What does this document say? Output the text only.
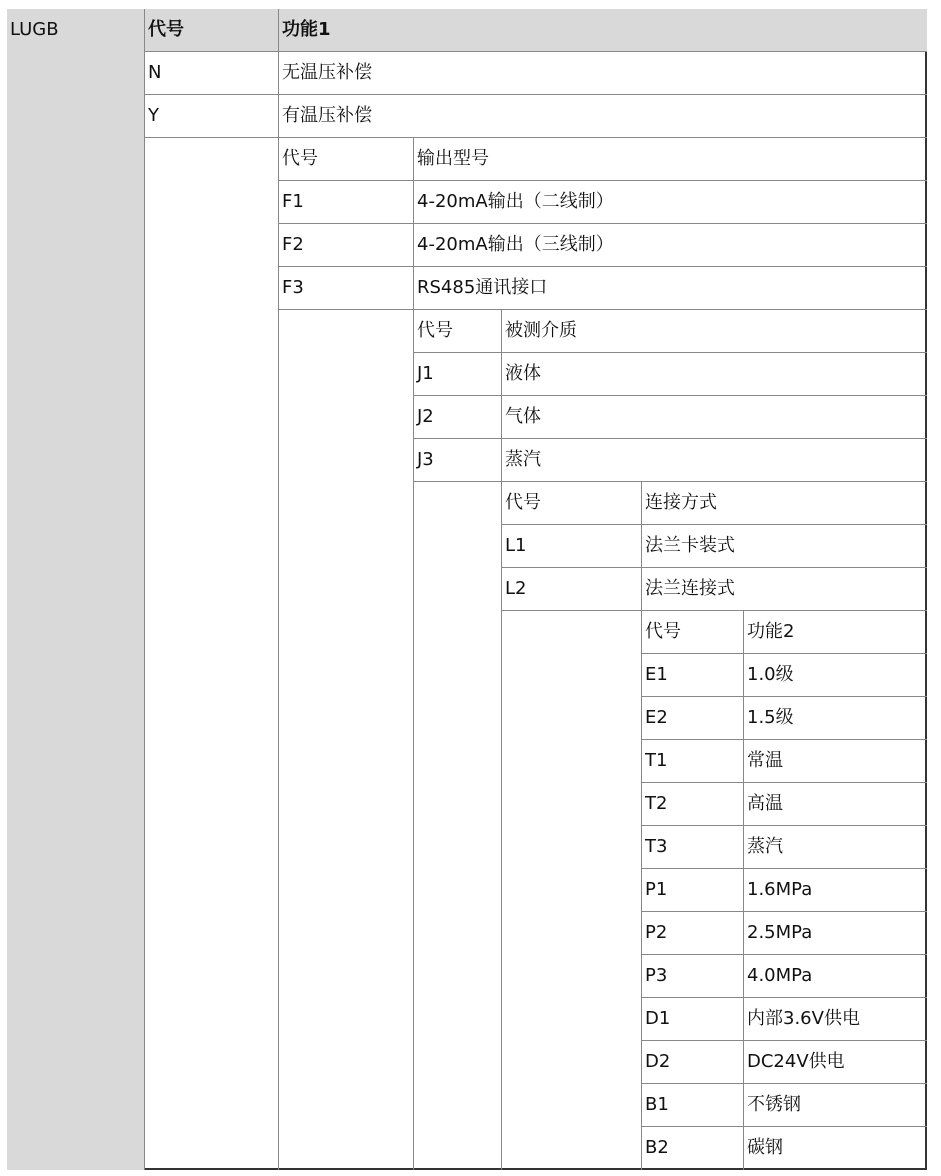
LUGB	代号	功能1
N	无温压补偿
Y	有温压补偿
代号	输出型号
F1	4-20mA输出（二线制）
F2	4-20mA输出（三线制）
F3	RS485通讯接口
代号	被测介质
J1	液体
J2	气体
J3	蒸汽
代号	连接方式
L1	法兰卡装式
L2	法兰连接式
代号	功能2
E1	1.0级
E2	1.5级
T1	常温
T2	高温
T3	蒸汽
P1	1.6MPa
P2	2.5MPa
P3	4.0MPa
D1	内部3.6V供电
D2	DC24V供电
B1	不锈钢
B2	碳钢
